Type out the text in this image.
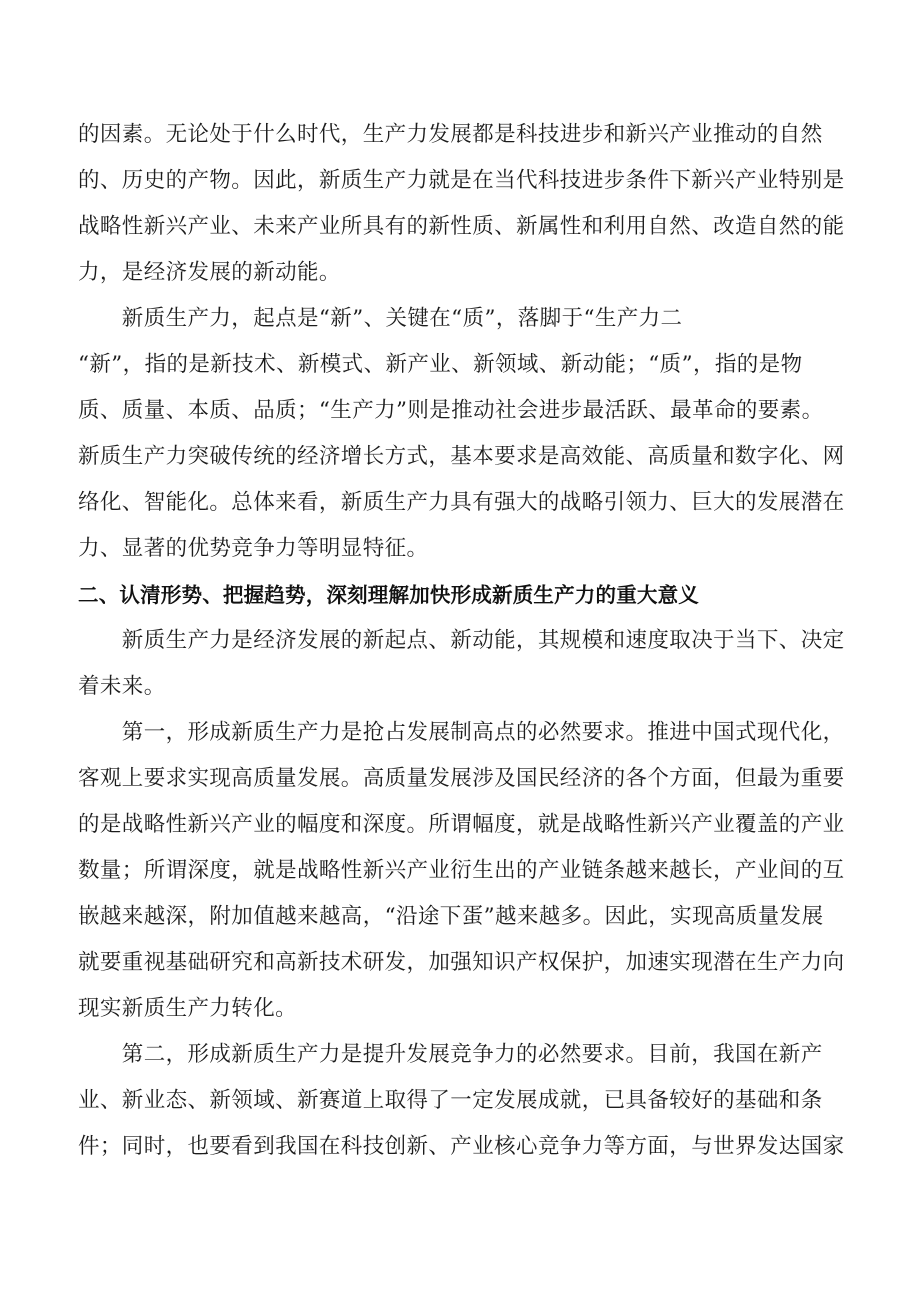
的因素。无论处于什么时代，生产力发展都是科技进步和新兴产业推动的自然
的、历史的产物。因此，新质生产力就是在当代科技进步条件下新兴产业特别是
战略性新兴产业、未来产业所具有的新性质、新属性和利用自然、改造自然的能
力，是经济发展的新动能。
　　新质生产力，起点是“新”、关键在“质”，落脚于“生产力二
“新”，指的是新技术、新模式、新产业、新领域、新动能；“质”，指的是物
质、质量、本质、品质；“生产力”则是推动社会进步最活跃、最革命的要素。
新质生产力突破传统的经济增长方式，基本要求是高效能、高质量和数字化、网
络化、智能化。总体来看，新质生产力具有强大的战略引领力、巨大的发展潜在
力、显著的优势竞争力等明显特征。
二、认清形势、把握趋势，深刻理解加快形成新质生产力的重大意义
　　新质生产力是经济发展的新起点、新动能，其规模和速度取决于当下、决定
着未来。
　　第一，形成新质生产力是抢占发展制高点的必然要求。推进中国式现代化，
客观上要求实现高质量发展。高质量发展涉及国民经济的各个方面，但最为重要
的是战略性新兴产业的幅度和深度。所谓幅度，就是战略性新兴产业覆盖的产业
数量；所谓深度，就是战略性新兴产业衍生出的产业链条越来越长，产业间的互
嵌越来越深，附加值越来越高，“沿途下蛋”越来越多。因此，实现高质量发展
就要重视基础研究和高新技术研发，加强知识产权保护，加速实现潜在生产力向
现实新质生产力转化。
　　第二，形成新质生产力是提升发展竞争力的必然要求。目前，我国在新产
业、新业态、新领域、新赛道上取得了一定发展成就，已具备较好的基础和条
件；同时，也要看到我国在科技创新、产业核心竞争力等方面，与世界发达国家
